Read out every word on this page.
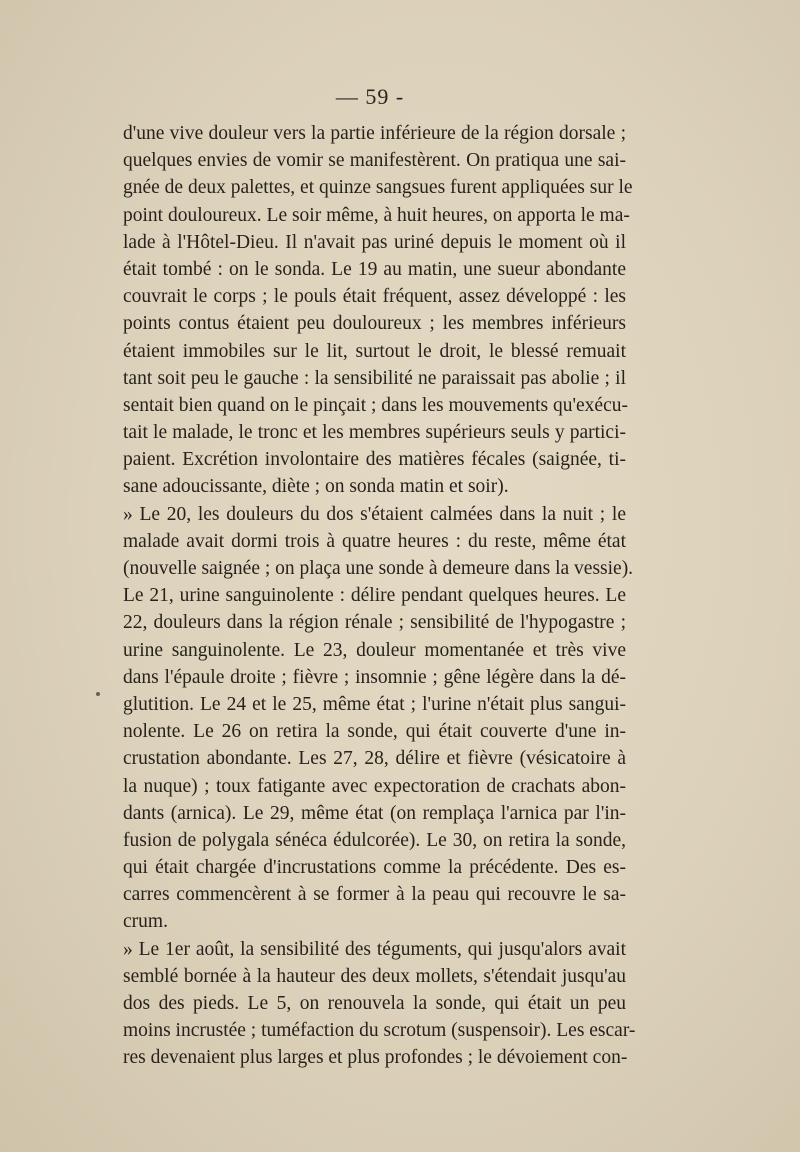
— 59 -
d'une vive douleur vers la partie inférieure de la région dorsale ;
quelques envies de vomir se manifestèrent. On pratiqua une sai-
gnée de deux palettes, et quinze sangsues furent appliquées sur le
point douloureux. Le soir même, à huit heures, on apporta le ma-
lade à l'Hôtel-Dieu. Il n'avait pas uriné depuis le moment où il
était tombé : on le sonda. Le 19 au matin, une sueur abondante
couvrait le corps ; le pouls était fréquent, assez développé : les
points contus étaient peu douloureux ; les membres inférieurs
étaient immobiles sur le lit, surtout le droit, le blessé remuait
tant soit peu le gauche : la sensibilité ne paraissait pas abolie ; il
sentait bien quand on le pinçait ; dans les mouvements qu'exécu-
tait le malade, le tronc et les membres supérieurs seuls y partici-
paient. Excrétion involontaire des matières fécales (saignée, ti-
sane adoucissante, diète ; on sonda matin et soir).
» Le 20, les douleurs du dos s'étaient calmées dans la nuit ; le
malade avait dormi trois à quatre heures : du reste, même état
(nouvelle saignée ; on plaça une sonde à demeure dans la vessie).
Le 21, urine sanguinolente : délire pendant quelques heures. Le
22, douleurs dans la région rénale ; sensibilité de l'hypogastre ;
urine sanguinolente. Le 23, douleur momentanée et très vive
dans l'épaule droite ; fièvre ; insomnie ; gêne légère dans la dé-
glutition. Le 24 et le 25, même état ; l'urine n'était plus sangui-
nolente. Le 26 on retira la sonde, qui était couverte d'une in-
crustation abondante. Les 27, 28, délire et fièvre (vésicatoire à
la nuque) ; toux fatigante avec expectoration de crachats abon-
dants (arnica). Le 29, même état (on remplaça l'arnica par l'in-
fusion de polygala sénéca édulcorée). Le 30, on retira la sonde,
qui était chargée d'incrustations comme la précédente. Des es-
carres commencèrent à se former à la peau qui recouvre le sa-
crum.
» Le 1er août, la sensibilité des téguments, qui jusqu'alors avait
semblé bornée à la hauteur des deux mollets, s'étendait jusqu'au
dos des pieds. Le 5, on renouvela la sonde, qui était un peu
moins incrustée ; tuméfaction du scrotum (suspensoir). Les escar-
res devenaient plus larges et plus profondes ; le dévoiement con-
